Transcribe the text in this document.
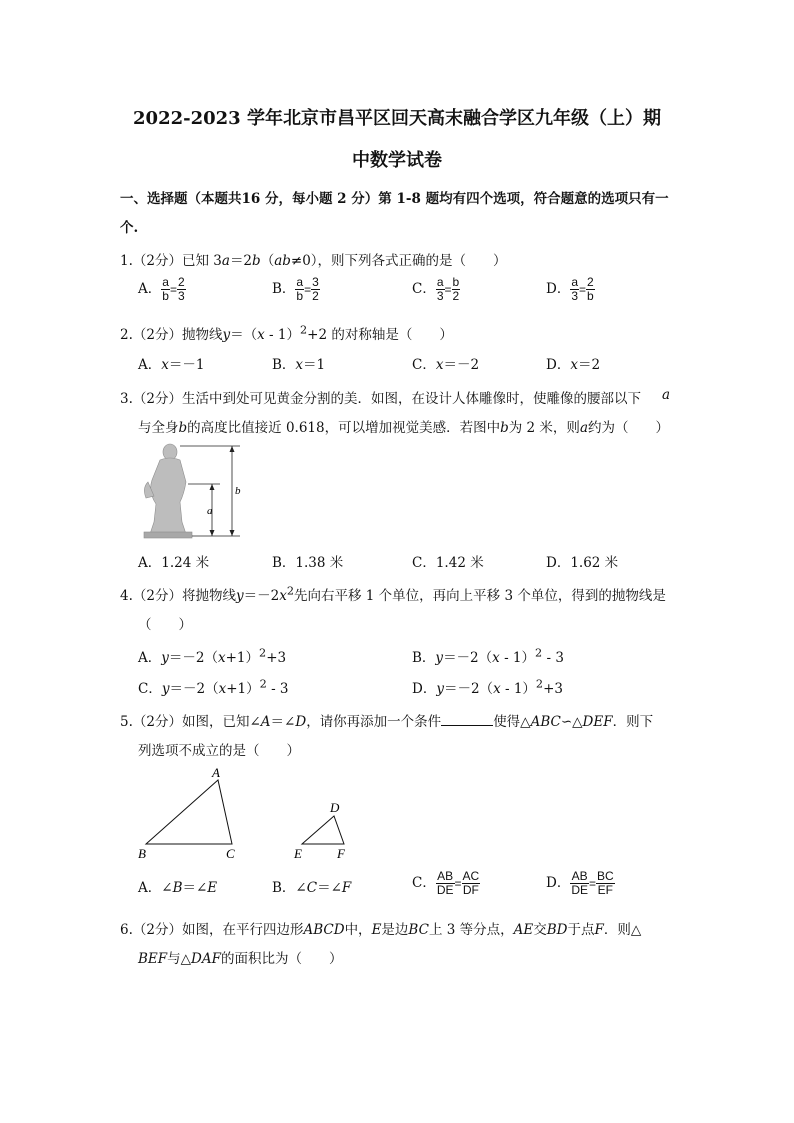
2022-2023 学年北京市昌平区回天高末融合学区九年级（上）期
中数学试卷
一、选择题（本题共16 分，每小题 2 分）第 1-8 题均有四个选项，符合题意的选项只有一
个.
1.（2分）已知 3a＝2b（ab≠0），则下列各式正确的是（　　）
A． $\frac{a}{b} = \frac{2}{3}$	B． $\frac{a}{b} = \frac{3}{2}$	C． $\frac{a}{3} = \frac{b}{2}$	D． $\frac{a}{3} = \frac{2}{b}$
2.（2分）抛物线y＝（x - 1）$^2$+2 的对称轴是（　　）
A．x＝－1	B．x＝1	C．x＝－2	D．x＝2
3.（2分）生活中到处可见黄金分割的美．如图，在设计人体雕像时，使雕像的腰部以下 a
与全身b的高度比值接近 0.618，可以增加视觉美感．若图中b为 2 米，则a约为（　　）
b
a
A．1.24 米	B．1.38 米	C．1.42 米	D．1.62 米
4.（2分）将抛物线$y=-2x^2$先向右平移 1 个单位，再向上平移 3 个单位，得到的抛物线是
（　　）
A．$y=-2(x+1)^2+3$	B．y＝－2（x - 1）$^2$ - 3
C．$y=-2(x+1)^2 - 3$	D．y＝－2（x - 1）$^2$+3
5.（2分）如图，已知∠A＝∠D，请你再添加一个条件	使得△ABC∽△DEF．则下
列选项不成立的是（　　）
A
B	C
D
E	F
A．∠B＝∠E	B．∠C＝∠F	C． $\frac{AB}{DE} = \frac{AC}{DF}$	D． $\frac{AB}{DE} = \frac{BC}{EF}$
6.（2分）如图，在平行四边形ABCD中，E是边BC上 3 等分点，AE交BD于点F．则△
BEF与△DAF的面积比为（　　）
